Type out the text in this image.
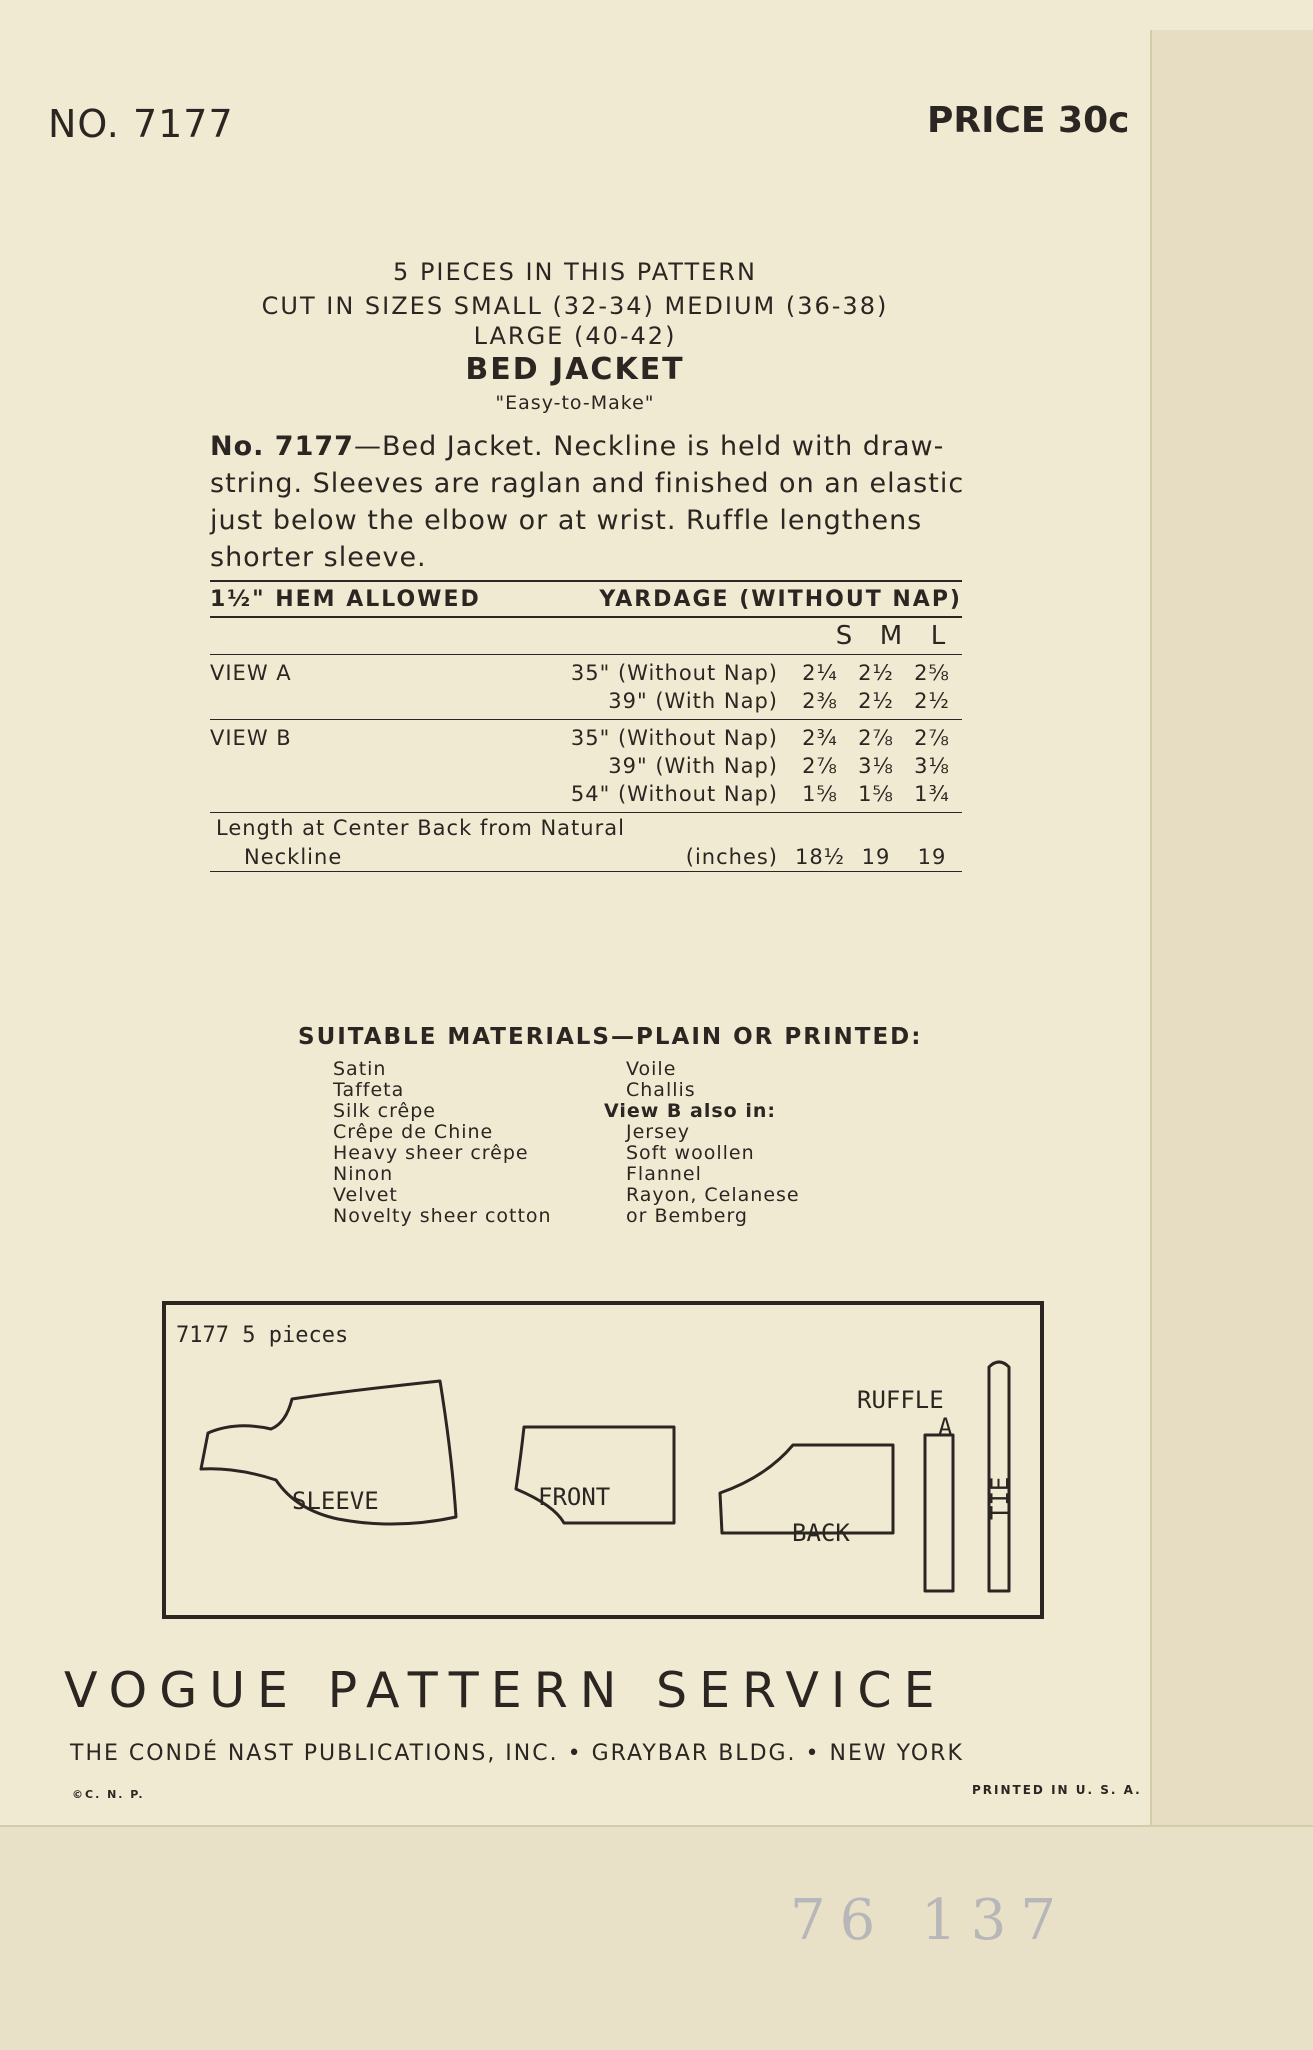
NO. 7177	PRICE 30c
5 PIECES IN THIS PATTERN
CUT IN SIZES SMALL (32-34) MEDIUM (36-38)
LARGE (40-42)
BED JACKET
"Easy-to-Make"
No. 7177—Bed Jacket. Neckline is held with draw-string. Sleeves are raglan and finished on an elastic just below the elbow or at wrist. Ruffle lengthens shorter sleeve.
1½" HEM ALLOWED	YARDAGE (WITHOUT NAP)
S	M	L
VIEW A	35" (Without Nap)	2¼ 2½ 2⅝
39" (With Nap)	2⅜ 2½ 2½
VIEW B	35" (Without Nap)	2¾ 2⅞ 2⅞
39" (With Nap)	2⅞ 3⅛ 3⅛
54" (Without Nap)	1⅝ 1⅝ 1¾
Length at Center Back from Natural
Neckline	(inches) 18½ 19	19
SUITABLE MATERIALS—PLAIN OR PRINTED:
Satin
Taffeta
Silk crêpe
Crêpe de Chine
Heavy sheer crêpe
Ninon
Velvet
Novelty sheer cotton
Voile
Challis
View B also in:
Jersey
Soft woollen
Flannel
Rayon, Celanese
or Bemberg
7177 5 pieces
SLEEVE	FRONT
BACK
RUFFLE
A
TIE
VOGUE PATTERN SERVICE
THE CONDÉ NAST PUBLICATIONS, INC. • GRAYBAR BLDG. • NEW YORK
©C. N. P.	PRINTED IN U. S. A.
76 137
